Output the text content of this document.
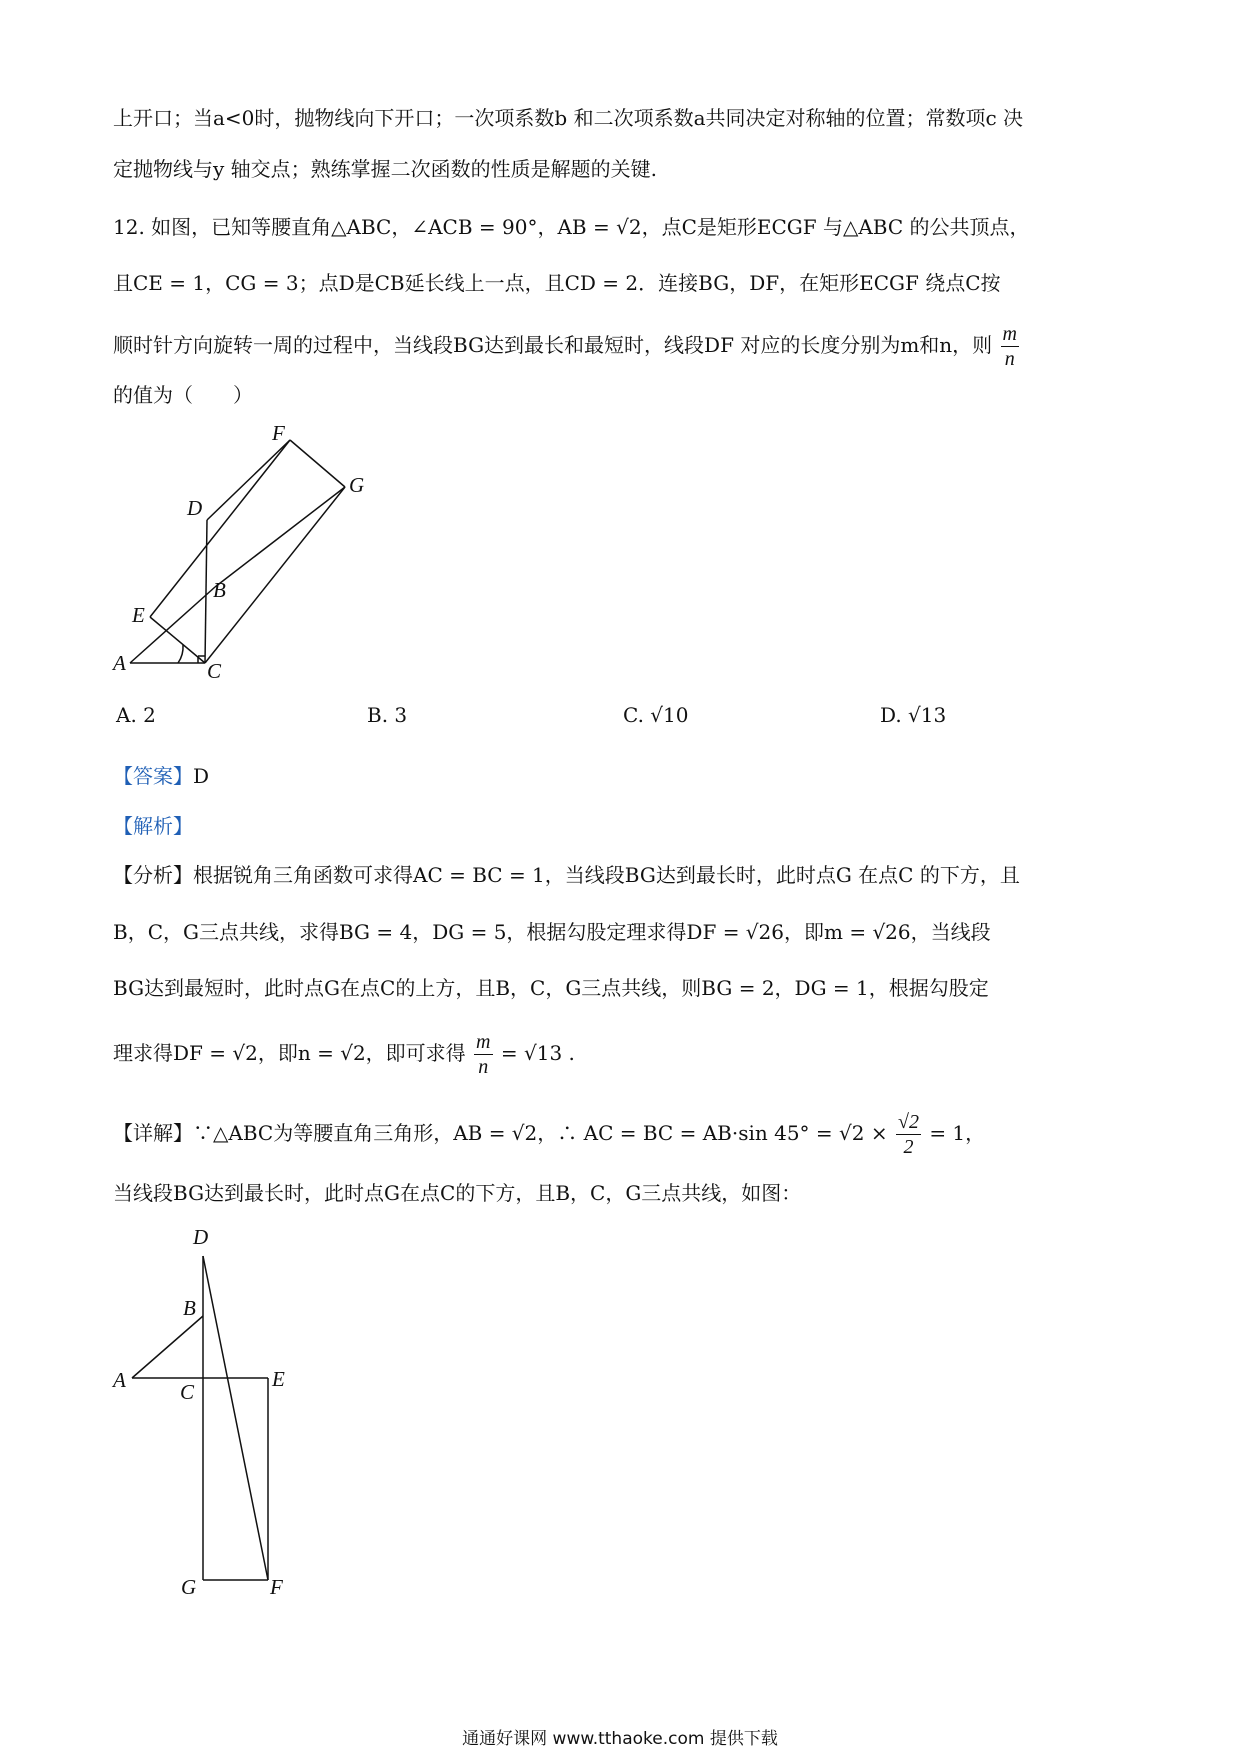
上开口；当a<0时，抛物线向下开口；一次项系数b 和二次项系数a共同决定对称轴的位置；常数项c 决
定抛物线与y 轴交点；熟练掌握二次函数的性质是解题的关键.
12. 如图，已知等腰直角△ABC，∠ACB = 90°，AB = √2，点C是矩形ECGF 与△ABC 的公共顶点，
且CE = 1，CG = 3；点D是CB延长线上一点，且CD = 2．连接BG，DF，在矩形ECGF 绕点C按
顺时针方向旋转一周的过程中，当线段BG达到最长和最短时，线段DF 对应的长度分别为m和n，则 $\frac{m}{n}$
的值为（　　）
F
G
D
B
E
A	C
A. 2	B. 3	C. √10	D. √13
【答案】D
【解析】
【分析】根据锐角三角函数可求得AC = BC = 1，当线段BG达到最长时，此时点G 在点C 的下方，且
B，C，G三点共线，求得BG = 4，DG = 5，根据勾股定理求得DF = √26，即m = √26，当线段
BG达到最短时，此时点G在点C的上方，且B，C，G三点共线，则BG = 2，DG = 1，根据勾股定
理求得DF = √2，即n = √2，即可求得 $\frac{m}{n} = √13$ .
【详解】∵△ABC为等腰直角三角形，AB = √2，∴ AC = BC = AB·sin $45^\circ = √2 \times \frac{√2}{2} = 1$，
当线段BG达到最长时，此时点G在点C的下方，且B，C，G三点共线，如图：
D
B
A	C
E
G	F
通通好课网 www.tthaoke.com 提供下载
